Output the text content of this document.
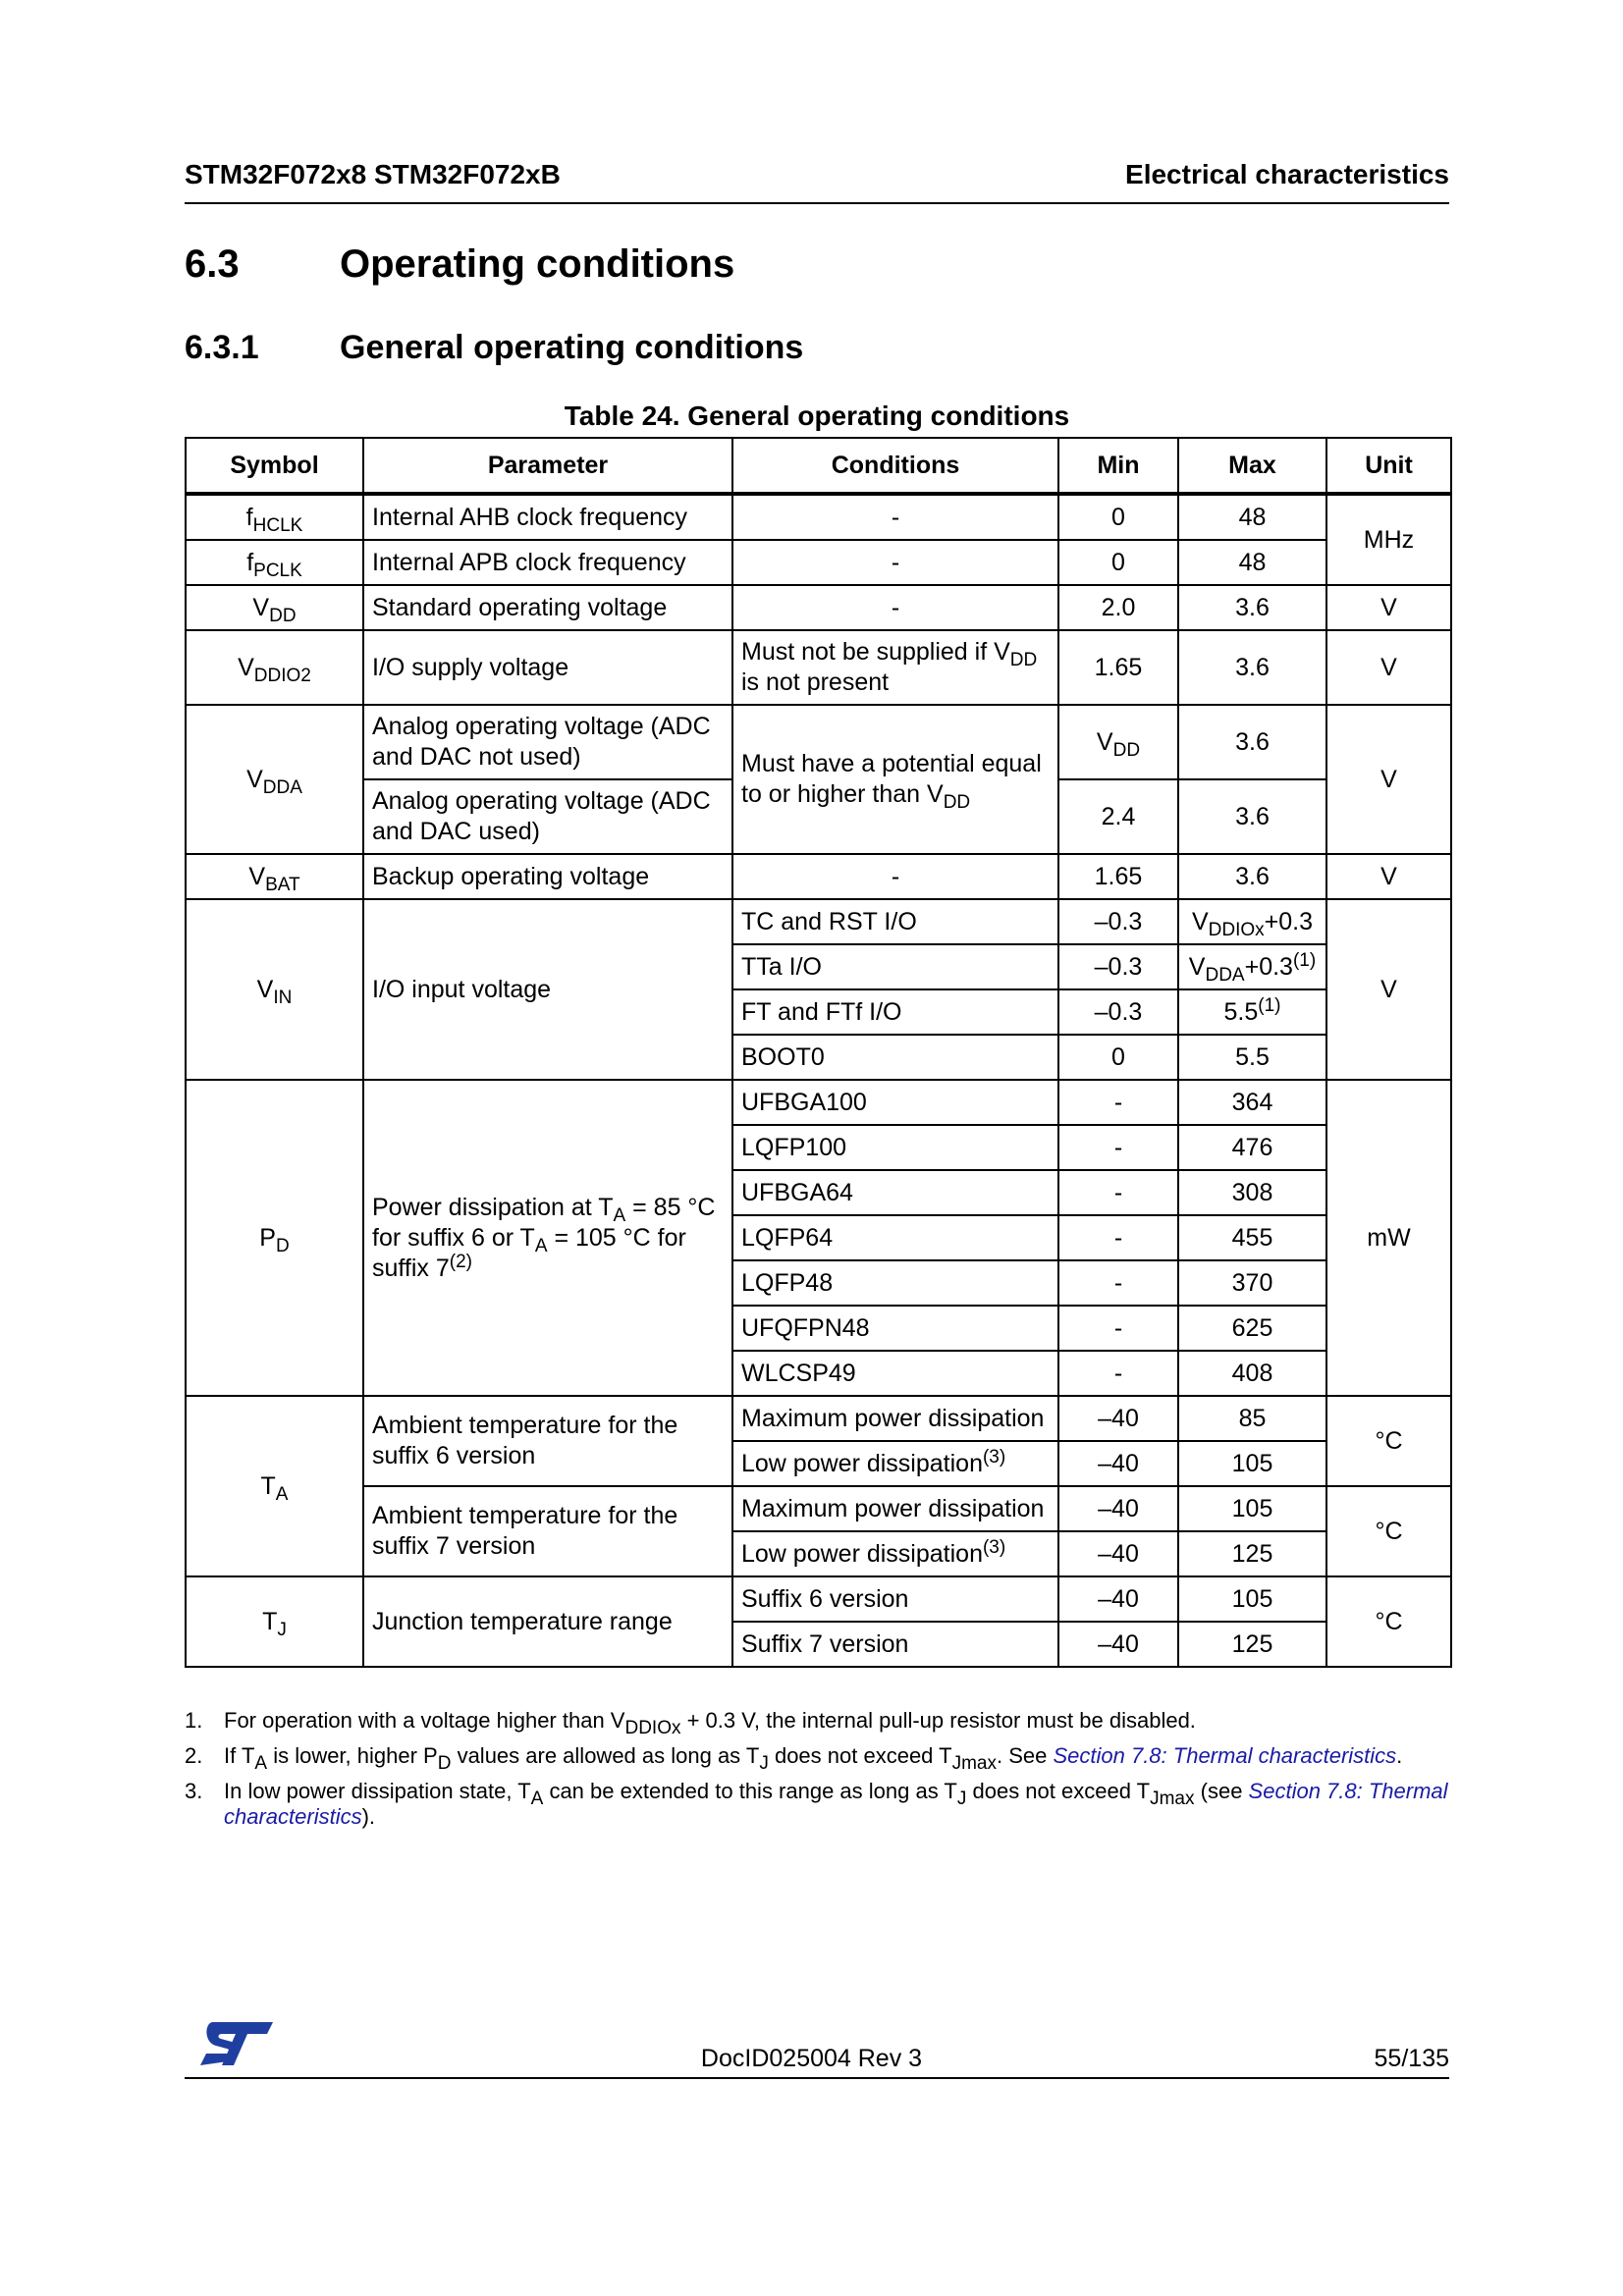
STM32F072x8 STM32F072xB	Electrical characteristics
6.3	Operating conditions
6.3.1 General operating conditions
Table 24. General operating conditions
Symbol	Parameter	Conditions	Min	Max	Unit
$f_{HCLK}$	Internal AHB clock frequency	-	0	48	MHz
$f_{PCLK}$	Internal APB clock frequency	-	0	48	
$V_{DD}$	Standard operating voltage	-	2.0	3.6	V
$V_{DDIO2}$	I/O supply voltage	Must not be supplied if $V_{DD}$ is not present	1.65	3.6	V
$V_{DDA}$	Analog operating voltage (ADC and DAC not used)	Must have a potential equal to or higher than $V_{DD}$	$V_{DD}$	3.6	V
	Analog operating voltage (ADC and DAC used)		2.4	3.6	
$V_{BAT}$	Backup operating voltage	-	1.65	3.6	V
$V_{IN}$	I/O input voltage	TC and RST I/O	–0.3	$V_{DDIOx}+0.3$	V
		TTa I/O	–0.3	$V_{DDA}+0.3^{(1)}$
		FT and FTf I/O	–0.3	5.5$^{(1)}$
		BOOT0	0	5.5	
$P_D$	Power dissipation at $T_A = 85$ °C for suffix 6 or $T_A = 105$ °C for suffix 7$^{(2)}$	UFBGA100	-	364	mW
		LQFP100	-	476	
		UFBGA64	-	308	
		LQFP64	-	455	
		LQFP48	-	370	
		UFQFPN48	-	625	
		WLCSP49	-	408	
$T_A$	Ambient temperature for the suffix 6 version	Maximum power dissipation	–40	85	°C
		Low power dissipation$^{(3)}$	–40	105	
	Ambient temperature for the suffix 7 version	Maximum power dissipation	–40	105	°C
		Low power dissipation$^{(3)}$	–40	125	
$T_J$	Junction temperature range	Suffix 6 version	–40	105	°C
		Suffix 7 version	–40	125	
1. For operation with a voltage higher than $V_{DDIOx} + 0.3$ V, the internal pull-up resistor must be disabled.
2. If $T_A$ is lower, higher $P_D$ values are allowed as long as $T_J$ does not exceed $T_{Jmax}$. See Section 7.8: Thermal characteristics.
3. In low power dissipation state, $T_A$ can be extended to this range as long as $T_J$ does not exceed $T_{Jmax}$ (see Section 7.8: Thermal characteristics).
DocID025004 Rev 3	55/135
